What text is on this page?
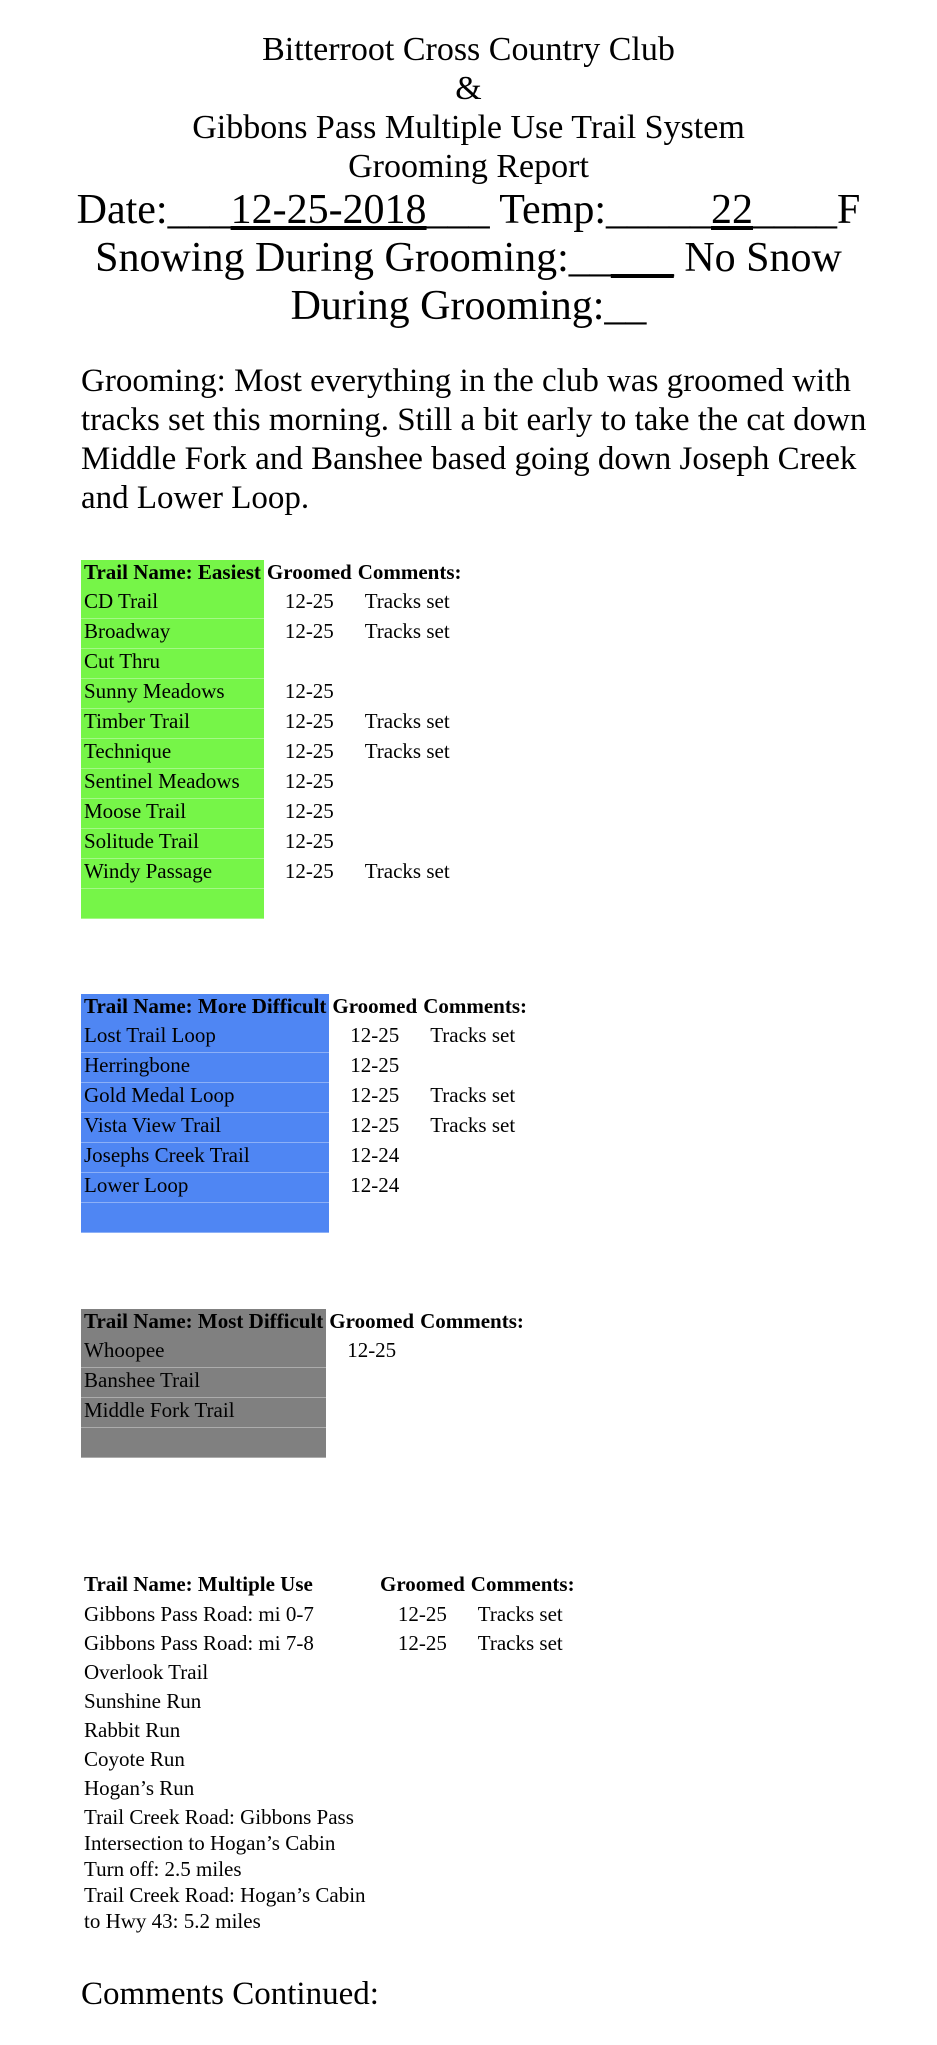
Bitterroot Cross Country Club
&
Gibbons Pass Multiple Use Trail System
Grooming Report
Date:___12-25-2018___ Temp:_____22____F
Snowing During Grooming:_____ No Snow
During Grooming:__
Grooming: Most everything in the club was groomed with tracks set this morning. Still a bit early to take the cat down Middle Fork and Banshee based going down Joseph Creek and Lower Loop.
Trail Name: Easiest	Groomed	Comments:
CD Trail	12-25	Tracks set
Broadway	12-25	Tracks set
Cut Thru		
Sunny Meadows	12-25	
Timber Trail	12-25	Tracks set
Technique	12-25	Tracks set
Sentinel Meadows	12-25	
Moose Trail	12-25	
Solitude Trail	12-25	
Windy Passage	12-25	Tracks set

Trail Name: More Difficult	Groomed	Comments:
Lost Trail Loop	12-25	Tracks set
Herringbone	12-25	
Gold Medal Loop	12-25	Tracks set
Vista View Trail	12-25	Tracks set
Josephs Creek Trail	12-24	
Lower Loop	12-24	

Trail Name: Most Difficult	Groomed	Comments:
Whoopee	12-25	
Banshee Trail		
Middle Fork Trail		

Trail Name: Multiple Use	Groomed	Comments:
Gibbons Pass Road: mi 0-7	12-25	Tracks set
Gibbons Pass Road: mi 7-8	12-25	Tracks set
Overlook Trail		
Sunshine Run		
Rabbit Run		
Coyote Run		
Hogan’s Run		
Trail Creek Road: Gibbons Pass Intersection to Hogan’s Cabin Turn off: 2.5 miles		
Trail Creek Road: Hogan’s Cabin to Hwy 43: 5.2 miles		
Comments Continued:
